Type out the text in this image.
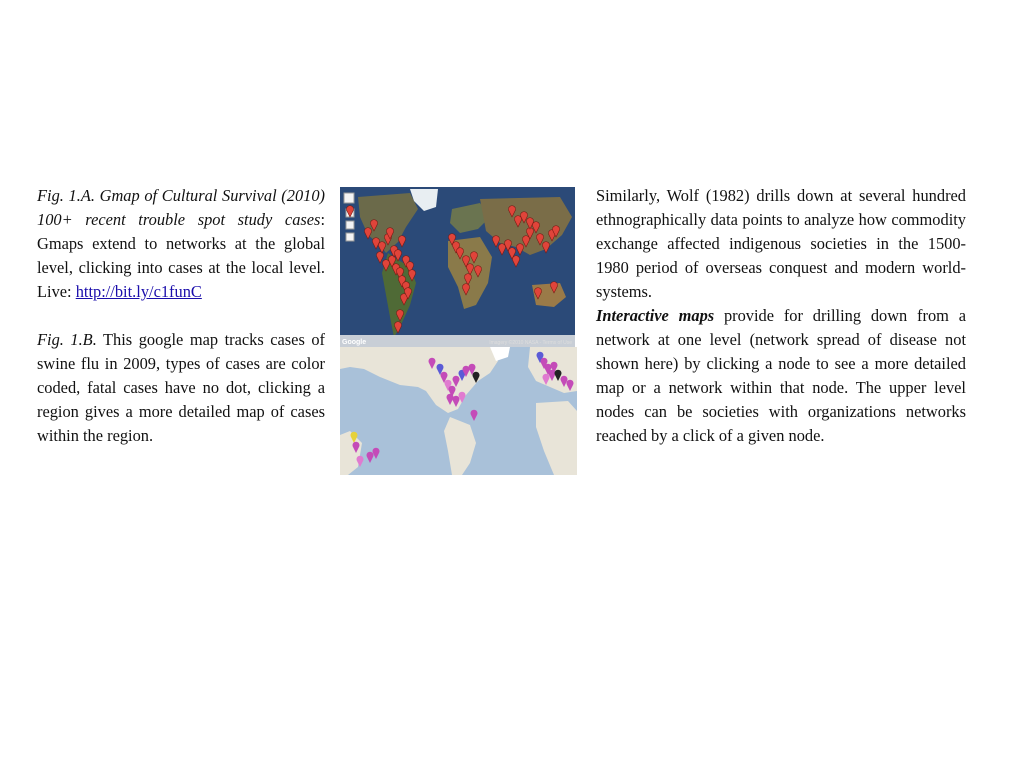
Fig. 1.A. Gmap of Cultural Survival (2010) 100+ recent trouble spot study cases: Gmaps extend to networks at the global level, clicking into cases at the local level. Live: http://bit.ly/c1funC

Fig. 1.B. This google map tracks cases of swine flu in 2009, types of cases are color coded, fatal cases have no dot, clicking a region gives a more detailed map of cases within the region.

Google	Imagery ©2010 NASA - Terms of Use

Similarly, Wolf (1982) drills down at several hundred ethnographically data points to analyze how commodity exchange affected indigenous societies in the 1500-1980 period of overseas conquest and modern world-systems.

Interactive maps provide for drilling down from a network at one level (network spread of disease not shown here) by clicking a node to see a more detailed map or a network within that node. The upper level nodes can be societies with organizations networks reached by a click of a given node.
